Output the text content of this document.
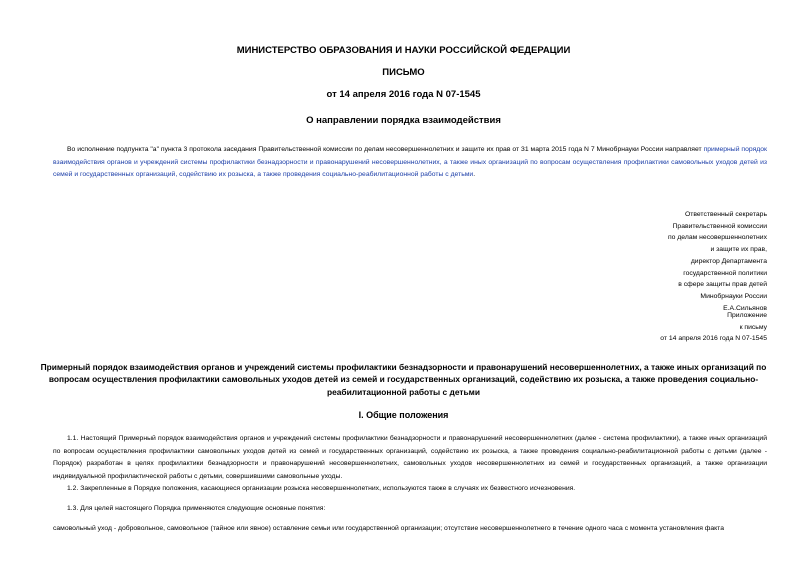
МИНИСТЕРСТВО ОБРАЗОВАНИЯ И НАУКИ РОССИЙСКОЙ ФЕДЕРАЦИИ
ПИСЬМО
от 14 апреля 2016 года N 07-1545
О направлении порядка взаимодействия
Во исполнение подпункта "а" пункта 3 протокола заседания Правительственной комиссии по делам несовершеннолетних и защите их прав от 31 марта 2015 года N 7 Минобрнауки России направляет примерный порядок взаимодействия органов и учреждений системы профилактики безнадзорности и правонарушений несовершеннолетних, а также иных организаций по вопросам осуществления профилактики самовольных уходов детей из семей и государственных организаций, содействию их розыска, а также проведения социально-реабилитационной работы с детьми.
Ответственный секретарь
Правительственной комиссии
по делам несовершеннолетних
и защите их прав,
директор Департамента
государственной политики
в сфере защиты прав детей
Минобрнауки России
Е.А.Сильянов
Приложение
к письму
от 14 апреля 2016 года N 07-1545
Примерный порядок взаимодействия органов и учреждений системы профилактики безнадзорности и правонарушений несовершеннолетних, а также иных организаций по вопросам осуществления профилактики самовольных уходов детей из семей и государственных организаций, содействию их розыска, а также проведения социально-реабилитационной работы с детьми
I. Общие положения
1.1. Настоящий Примерный порядок взаимодействия органов и учреждений системы профилактики безнадзорности и правонарушений несовершеннолетних (далее - система профилактики), а также иных организаций по вопросам осуществления профилактики самовольных уходов детей из семей и государственных организаций, содействию их розыска, а также проведения социально-реабилитационной работы с детьми (далее - Порядок) разработан в целях профилактики безнадзорности и правонарушений несовершеннолетних, самовольных уходов несовершеннолетних из семей и государственных организаций, а также организации индивидуальной профилактической работы с детьми, совершившими самовольные уходы.
1.2. Закрепленные в Порядке положения, касающиеся организации розыска несовершеннолетних, используются также в случаях их безвестного исчезновения.
1.3. Для целей настоящего Порядка применяются следующие основные понятия:
самовольный уход - добровольное, самовольное (тайное или явное) оставление семьи или государственной организации; отсутствие несовершеннолетнего в течение одного часа с момента установления факта
